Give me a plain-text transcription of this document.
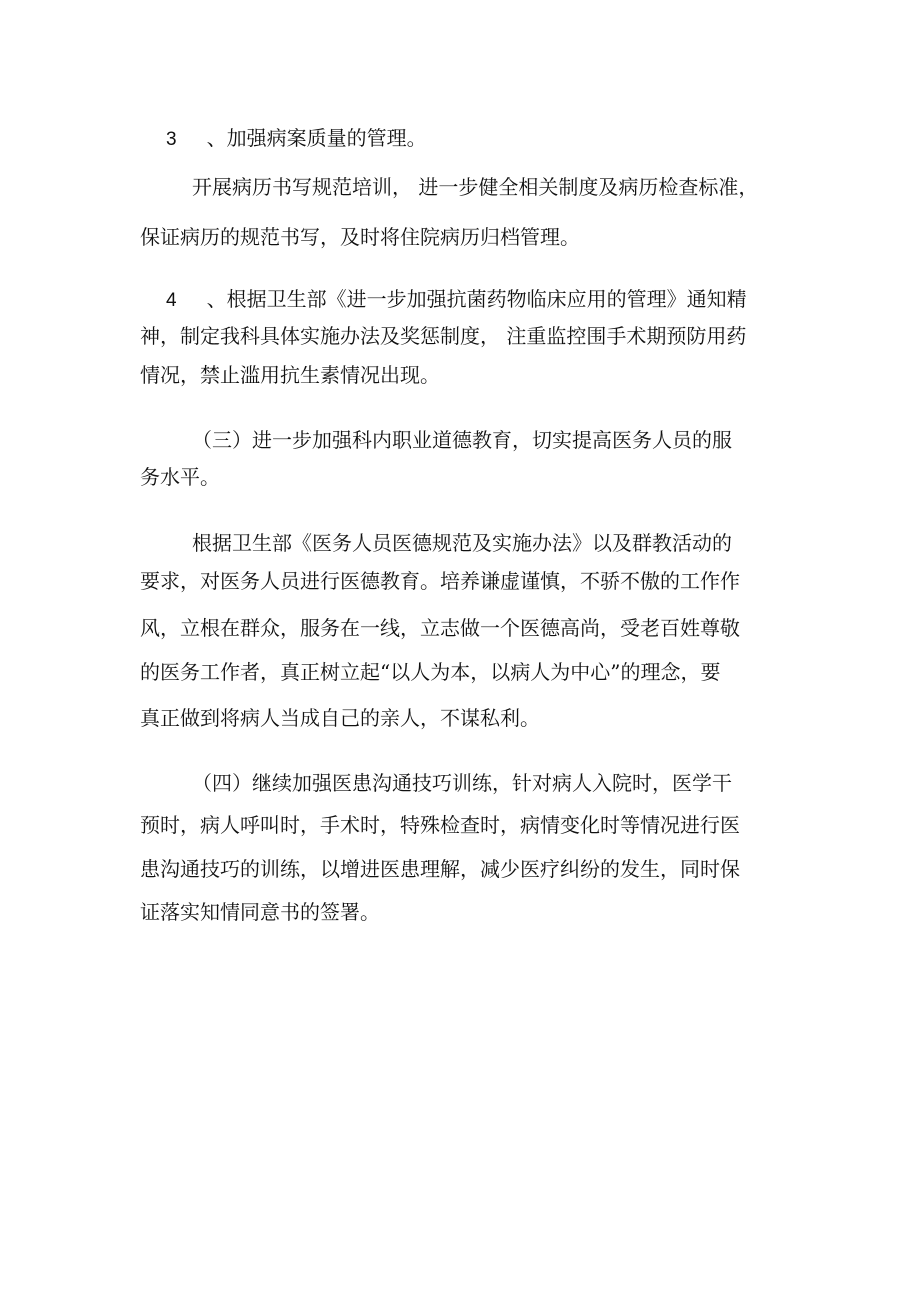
3 、加强病案质量的管理。
开展病历书写规范培训， 进一步健全相关制度及病历检查标准，
保证病历的规范书写，及时将住院病历归档管理。
4 、根据卫生部《进一步加强抗菌药物临床应用的管理》通知精
神，制定我科具体实施办法及奖惩制度， 注重监控围手术期预防用药
情况，禁止滥用抗生素情况出现。
（三）进一步加强科内职业道德教育，切实提高医务人员的服
务水平。
根据卫生部《医务人员医德规范及实施办法》以及群教活动的
要求，对医务人员进行医德教育。培养谦虚谨慎，不骄不傲的工作作
风，立根在群众，服务在一线，立志做一个医德高尚，受老百姓尊敬
的医务工作者，真正树立起“以人为本，以病人为中心”的理念，要
真正做到将病人当成自己的亲人，不谋私利。
（四）继续加强医患沟通技巧训练，针对病人入院时，医学干
预时，病人呼叫时，手术时，特殊检查时，病情变化时等情况进行医
患沟通技巧的训练，以增进医患理解，减少医疗纠纷的发生，同时保
证落实知情同意书的签署。
